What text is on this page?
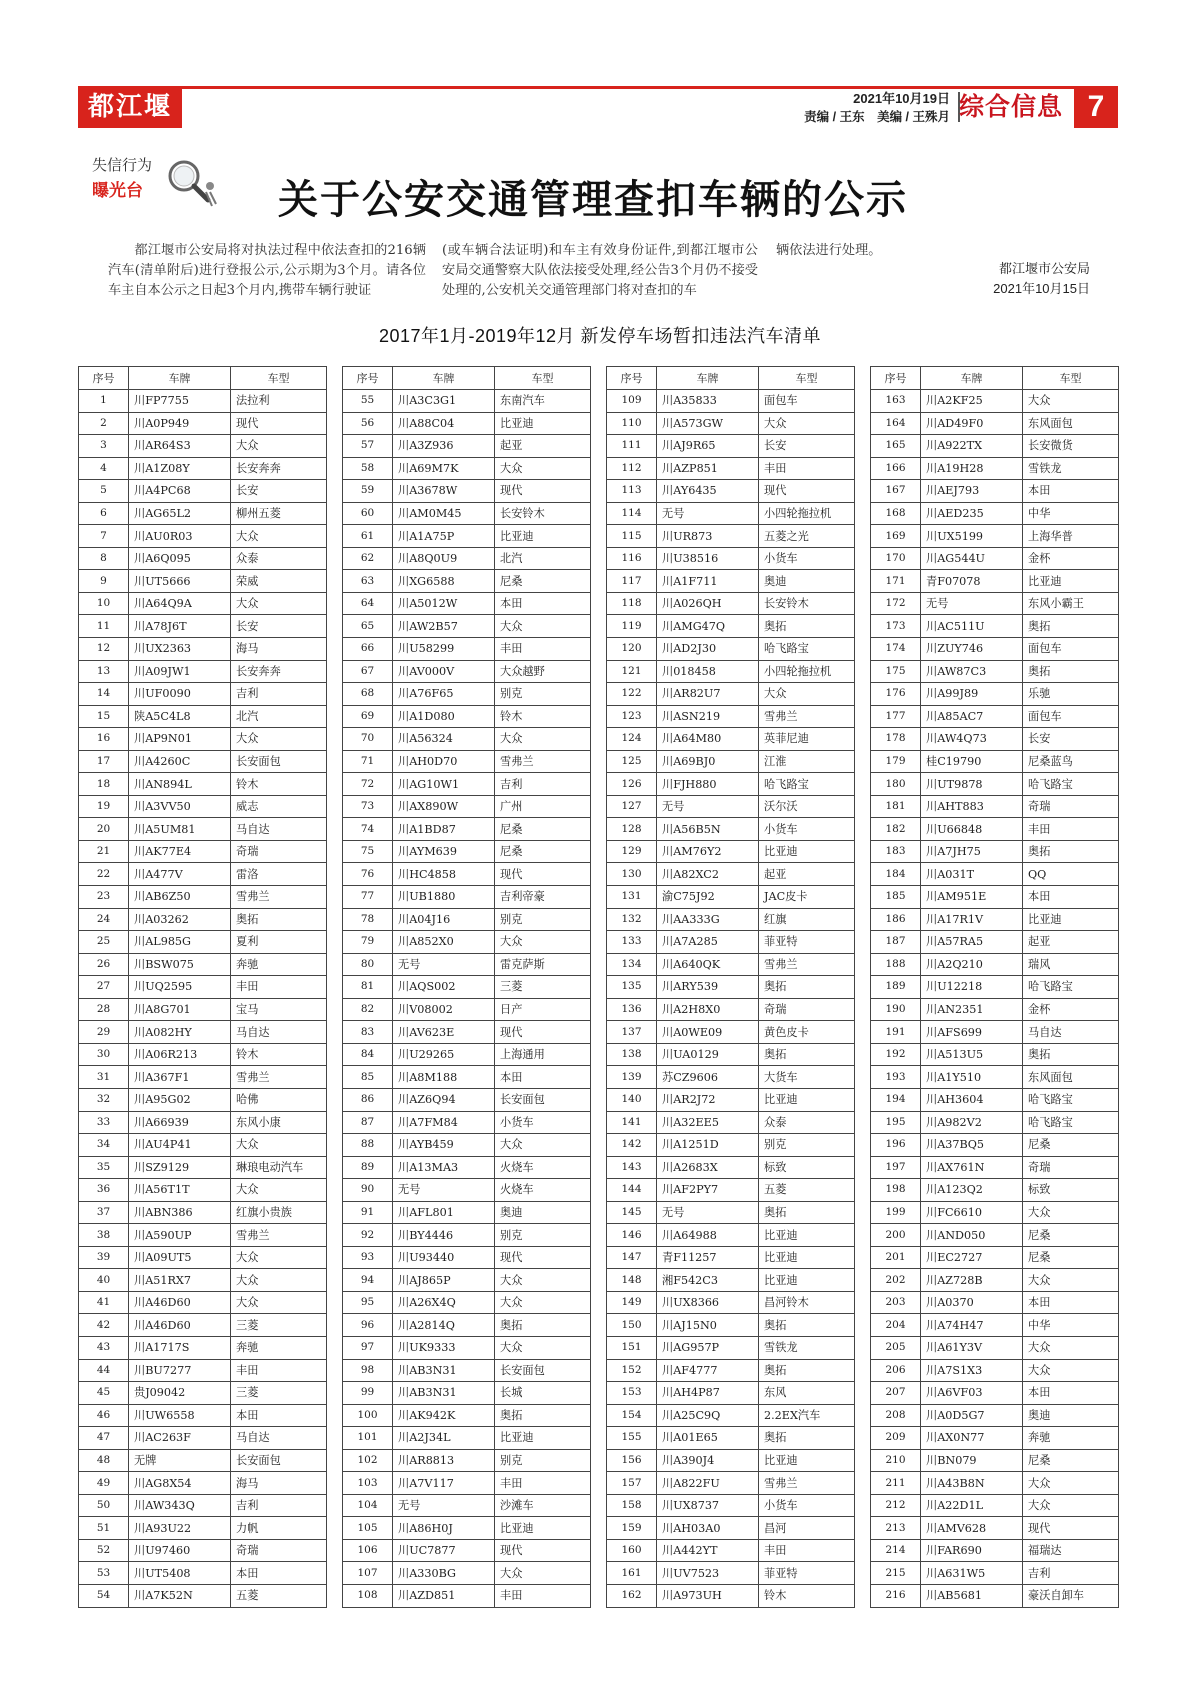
都江堰报
2021年10月19日
责编 / 王东　美编 / 王殊月 综合信息 7
失信行为
曝光台	关于公安交通管理查扣车辆的公示
都江堰市公安局将对执法过程中依法查扣的216辆汽车(清单附后)进行登报公示,公示期为3个月。请各位车主自本公示之日起3个月内,携带车辆行驶证
(或车辆合法证明)和车主有效身份证件,到都江堰市公安局交通警察大队依法接受处理,经公告3个月仍不接受处理的,公安机关交通管理部门将对查扣的车
辆依法进行处理。
都江堰市公安局
2021年10月15日
2017年1月-2019年12月 新发停车场暂扣违法汽车清单
序号	车牌	车型
1	川FP7755	法拉利
2	川A0P949	现代
3	川AR64S3	大众
4	川A1Z08Y	长安奔奔
5	川A4PC68	长安
6	川AG65L2	柳州五菱
7	川AU0R03	大众
8	川A6Q095	众泰
9	川UT5666	荣威
10	川A64Q9A	大众
11	川A78J6T	长安
12	川UX2363	海马
13	川A09JW1	长安奔奔
14	川UF0090	吉利
15	陕A5C4L8	北汽
16	川AP9N01	大众
17	川A4260C	长安面包
18	川AN894L	铃木
19	川A3VV50	威志
20	川A5UM81	马自达
21	川AK77E4	奇瑞
22	川A477V	雷洛
23	川AB6Z50	雪弗兰
24	川A03262	奥拓
25	川AL985G	夏利
26	川BSW075	奔驰
27	川UQ2595	丰田
28	川A8G701	宝马
29	川A082HY	马自达
30	川A06R213	铃木
31	川A367F1	雪弗兰
32	川A95G02	哈佛
33	川A66939	东风小康
34	川AU4P41	大众
35	川SZ9129	琳琅电动汽车
36	川A56T1T	大众
37	川ABN386	红旗小贵族
38	川A590UP	雪弗兰
39	川A09UT5	大众
40	川A51RX7	大众
41	川A46D60	大众
42	川A46D60	三菱
43	川A1717S	奔驰
44	川BU7277	丰田
45	贵J09042	三菱
46	川UW6558	本田
47	川AC263F	马自达
48	无牌	长安面包
49	川AG8X54	海马
50	川AW343Q	吉利
51	川A93U22	力帆
52	川U97460	奇瑞
53	川UT5408	本田
54	川A7K52N	五菱
序号	车牌	车型
55	川A3C3G1	东南汽车
56	川A88C04	比亚迪
57	川A3Z936	起亚
58	川A69M7K	大众
59	川A3678W	现代
60	川AM0M45	长安铃木
61	川A1A75P	比亚迪
62	川A8Q0U9	北汽
63	川XG6588	尼桑
64	川A5012W	本田
65	川AW2B57	大众
66	川U58299	丰田
67	川AV000V	大众越野
68	川A76F65	别克
69	川A1D080	铃木
70	川A56324	大众
71	川AH0D70	雪弗兰
72	川AG10W1	吉利
73	川AX890W	广州
74	川A1BD87	尼桑
75	川AYM639	尼桑
76	川HC4858	现代
77	川UB1880	吉利帝豪
78	川A04J16	别克
79	川A852X0	大众
80	无号	雷克萨斯
81	川AQS002	三菱
82	川V08002	日产
83	川AV623E	现代
84	川U29265	上海通用
85	川A8M188	本田
86	川AZ6Q94	长安面包
87	川A7FM84	小货车
88	川AYB459	大众
89	川A13MA3	火烧车
90	无号	火烧车
91	川AFL801	奥迪
92	川BY4446	别克
93	川U93440	现代
94	川AJ865P	大众
95	川A26X4Q	大众
96	川A2814Q	奥拓
97	川UK9333	大众
98	川AB3N31	长安面包
99	川AB3N31	长城
100	川AK942K	奥拓
101	川A2J34L	比亚迪
102	川AR8813	别克
103	川A7V117	丰田
104	无号	沙滩车
105	川A86H0J	比亚迪
106	川UC7877	现代
107	川A330BG	大众
108	川AZD851	丰田
序号	车牌	车型
109	川A35833	面包车
110	川A573GW	大众
111	川AJ9R65	长安
112	川AZP851	丰田
113	川AY6435	现代
114	无号	小四轮拖拉机
115	川UR873	五菱之光
116	川U38516	小货车
117	川A1F711	奥迪
118	川A026QH	长安铃木
119	川AMG47Q	奥拓
120	川AD2J30	哈飞路宝
121	川018458	小四轮拖拉机
122	川AR82U7	大众
123	川ASN219	雪弗兰
124	川A64M80	英菲尼迪
125	川A69BJ0	江淮
126	川FJH880	哈飞路宝
127	无号	沃尔沃
128	川A56B5N	小货车
129	川AM76Y2	比亚迪
130	川A82XC2	起亚
131	渝C75J92	JAC皮卡
132	川AA333G	红旗
133	川A7A285	菲亚特
134	川A640QK	雪弗兰
135	川ARY539	奥拓
136	川A2H8X0	奇瑞
137	川A0WE09	黄色皮卡
138	川UA0129	奥拓
139	苏CZ9606	大货车
140	川AR2J72	比亚迪
141	川A32EE5	众泰
142	川A1251D	别克
143	川A2683X	标致
144	川AF2PY7	五菱
145	无号	奥拓
146	川A64988	比亚迪
147	青F11257	比亚迪
148	湘F542C3	比亚迪
149	川UX8366	昌河铃木
150	川AJ15N0	奥拓
151	川AG957P	雪铁龙
152	川AF4777	奥拓
153	川AH4P87	东风
154	川A25C9Q	2.2EX汽车
155	川A01E65	奥拓
156	川A390J4	比亚迪
157	川A822FU	雪弗兰
158	川UX8737	小货车
159	川AH03A0	昌河
160	川A442YT	丰田
161	川UV7523	菲亚特
162	川A973UH	铃木
序号	车牌	车型
163	川A2KF25	大众
164	川AD49F0	东风面包
165	川A922TX	长安微货
166	川A19H28	雪铁龙
167	川AEJ793	本田
168	川AED235	中华
169	川UX5199	上海华普
170	川AG544U	金杯
171	青F07078	比亚迪
172	无号	东风小霸王
173	川AC511U	奥拓
174	川ZUY746	面包车
175	川AW87C3	奥拓
176	川A99J89	乐驰
177	川A85AC7	面包车
178	川AW4Q73	长安
179	桂C19790	尼桑蓝鸟
180	川UT9878	哈飞路宝
181	川AHT883	奇瑞
182	川U66848	丰田
183	川A7JH75	奥拓
184	川A031T	QQ
185	川AM951E	本田
186	川A17R1V	比亚迪
187	川A57RA5	起亚
188	川A2Q210	瑞风
189	川U12218	哈飞路宝
190	川AN2351	金杯
191	川AFS699	马自达
192	川A513U5	奥拓
193	川A1Y510	东风面包
194	川AH3604	哈飞路宝
195	川A982V2	哈飞路宝
196	川A37BQ5	尼桑
197	川AX761N	奇瑞
198	川A123Q2	标致
199	川FC6610	大众
200	川AND050	尼桑
201	川EC2727	尼桑
202	川AZ728B	大众
203	川A0370	本田
204	川A74H47	中华
205	川A61Y3V	大众
206	川A7S1X3	大众
207	川A6VF03	本田
208	川A0D5G7	奥迪
209	川AX0N77	奔驰
210	川BN079	尼桑
211	川A43B8N	大众
212	川A22D1L	大众
213	川AMV628	现代
214	川FAR690	福瑞达
215	川A631W5	吉利
216	川AB5681	豪沃自卸车
